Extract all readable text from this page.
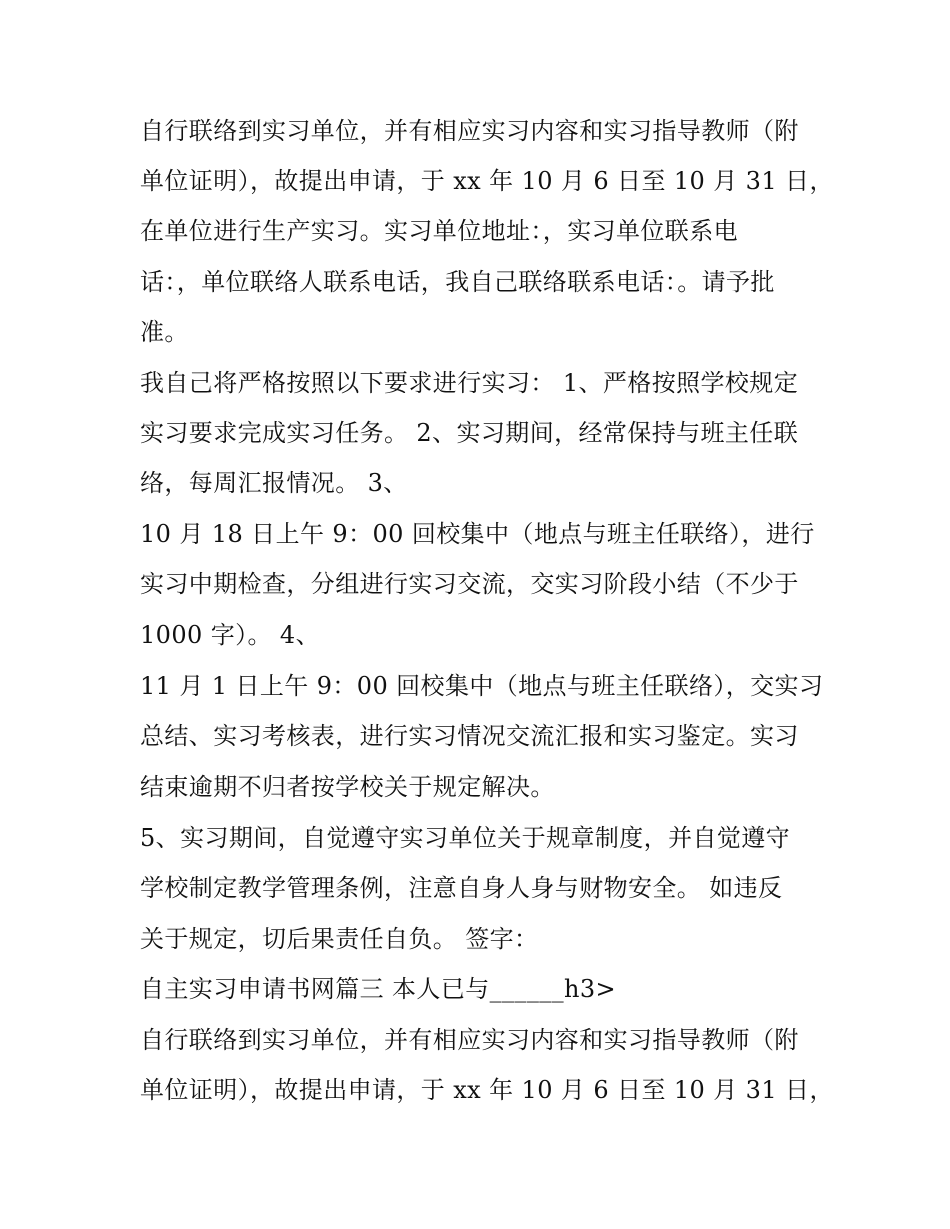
自行联络到实习单位，并有相应实习内容和实习指导教师（附
单位证明），故提出申请，于 xx 年 10 月 6 日至 10 月 31 日，
在单位进行生产实习。实习单位地址：，实习单位联系电
话：，单位联络人联系电话，我自己联络联系电话：。请予批
准。
我自己将严格按照以下要求进行实习： 1、严格按照学校规定
实习要求完成实习任务。 2、实习期间，经常保持与班主任联
络，每周汇报情况。 3、
10 月 18 日上午 9：00 回校集中（地点与班主任联络），进行
实习中期检查，分组进行实习交流，交实习阶段小结（不少于
1000 字）。 4、
11 月 1 日上午 9：00 回校集中（地点与班主任联络），交实习
总结、实习考核表，进行实习情况交流汇报和实习鉴定。实习
结束逾期不归者按学校关于规定解决。
5、实习期间，自觉遵守实习单位关于规章制度，并自觉遵守
学校制定教学管理条例，注意自身人身与财物安全。 如违反
关于规定，切后果责任自负。 签字：
自主实习申请书网篇三 本人已与______h3>
自行联络到实习单位，并有相应实习内容和实习指导教师（附
单位证明），故提出申请，于 xx 年 10 月 6 日至 10 月 31 日，
